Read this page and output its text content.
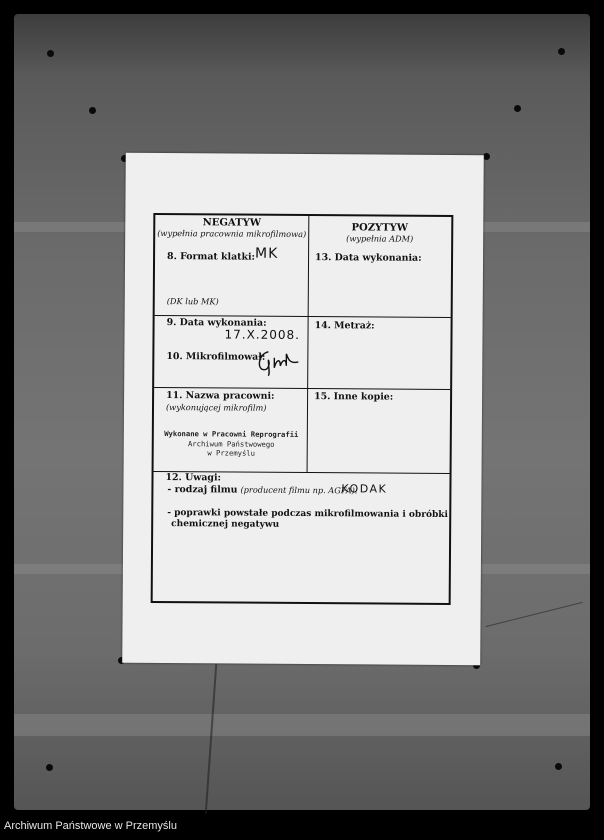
NEGATYW
(wypełnia pracownia mikrofilmowa)	POZYTYW
(wypełnia ADM)
8. Format klatki: MK
(DK lub MK)
13. Data wykonania:
9. Data wykonania:
17.X.2008.
14. Metraż:
10. Mikrofilmował:
11. Nazwa pracowni:
(wykonującej mikrofilm)
Wykonane w Pracowni Reprografii
Archiwum Państwowego
w Przemyślu
15. Inne kopie:
12. Uwagi:
- rodzaj filmu (producent filmu np. AGFA):
KODAK
- poprawki powstałe podczas mikrofilmowania i obróbki
chemicznej negatywu
Archiwum Państwowe w Przemyślu
